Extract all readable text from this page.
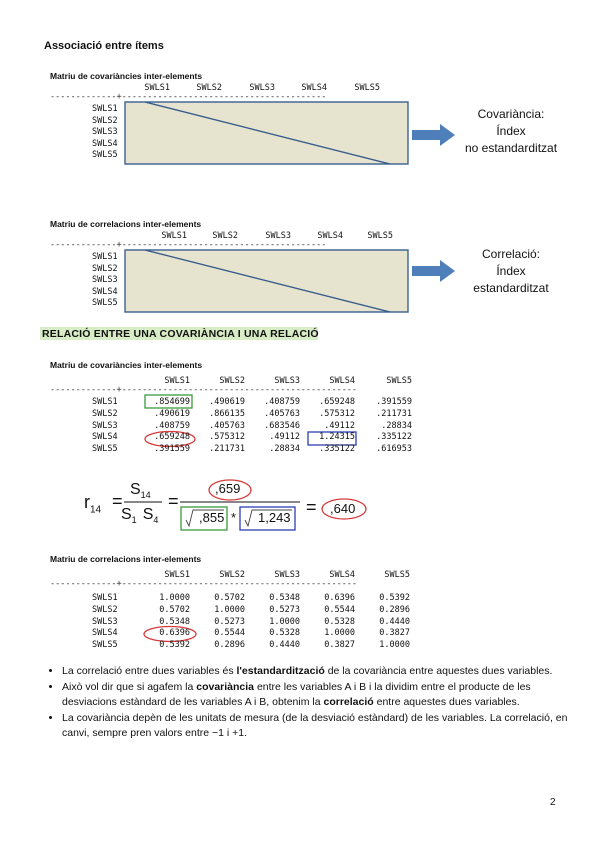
Associació entre ítems
Matriu de covariàncies inter-elements
SWLS1	SWLS2	SWLS3	SWLS4	SWLS5
-------------+----------------------------------------
SWLS1
SWLS2
SWLS3
SWLS4
SWLS5
Matriu de correlacions inter-elements
SWLS1	SWLS2	SWLS3	SWLS4	SWLS5
-------------+----------------------------------------
SWLS1
SWLS2
SWLS3
SWLS4
SWLS5
Covariància:
Índex
no estandarditzat
Correlació:
Índex
estandarditzat
RELACIÓ ENTRE UNA COVARIÀNCIA I UNA RELACIÓ
Matriu de covariàncies inter-elements
SWLS1	SWLS2	SWLS3	SWLS4	SWLS5
-------------+----------------------------------------------
SWLS1	.854699	.490619	.408759	.659248	.391559
SWLS2	.490619	.866135	.405763	.575312	.211731
SWLS3	.408759	.405763	.683546	.49112	.28834
SWLS4	.659248	.575312	.49112	1.24315	.335122
SWLS5	.391559	.211731	.28834	.335122	.616953
Matriu de correlacions inter-elements
SWLS1	SWLS2	SWLS3	SWLS4	SWLS5
-------------+----------------------------------------------
SWLS1	1.0000	0.5702	0.5348	0.6396	0.5392
SWLS2	0.5702	1.0000	0.5273	0.5544	0.2896
SWLS3	0.5348	0.5273	1.0000	0.5328	0.4440
SWLS4	0.6396	0.5544	0.5328	1.0000	0.3827
SWLS5	0.5392	0.2896	0.4440	0.3827	1.0000
$r_{14}$ =
$S_{14}$
$S_1$ $S_4$
=
,659
,855 * 1,243
= ,640
• La correlació entre dues variables és l'estandardització de la covariància entre aquestes dues variables.
• Això vol dir que si agafem la covariància entre les variables A i B i la dividim entre el producte de les desviacions estàndard de les variables A i B, obtenim la correlació entre aquestes dues variables.
• La covariància depèn de les unitats de mesura (de la desviació estàndard) de les variables. La correlació, en canvi, sempre pren valors entre −1 i +1.
2
